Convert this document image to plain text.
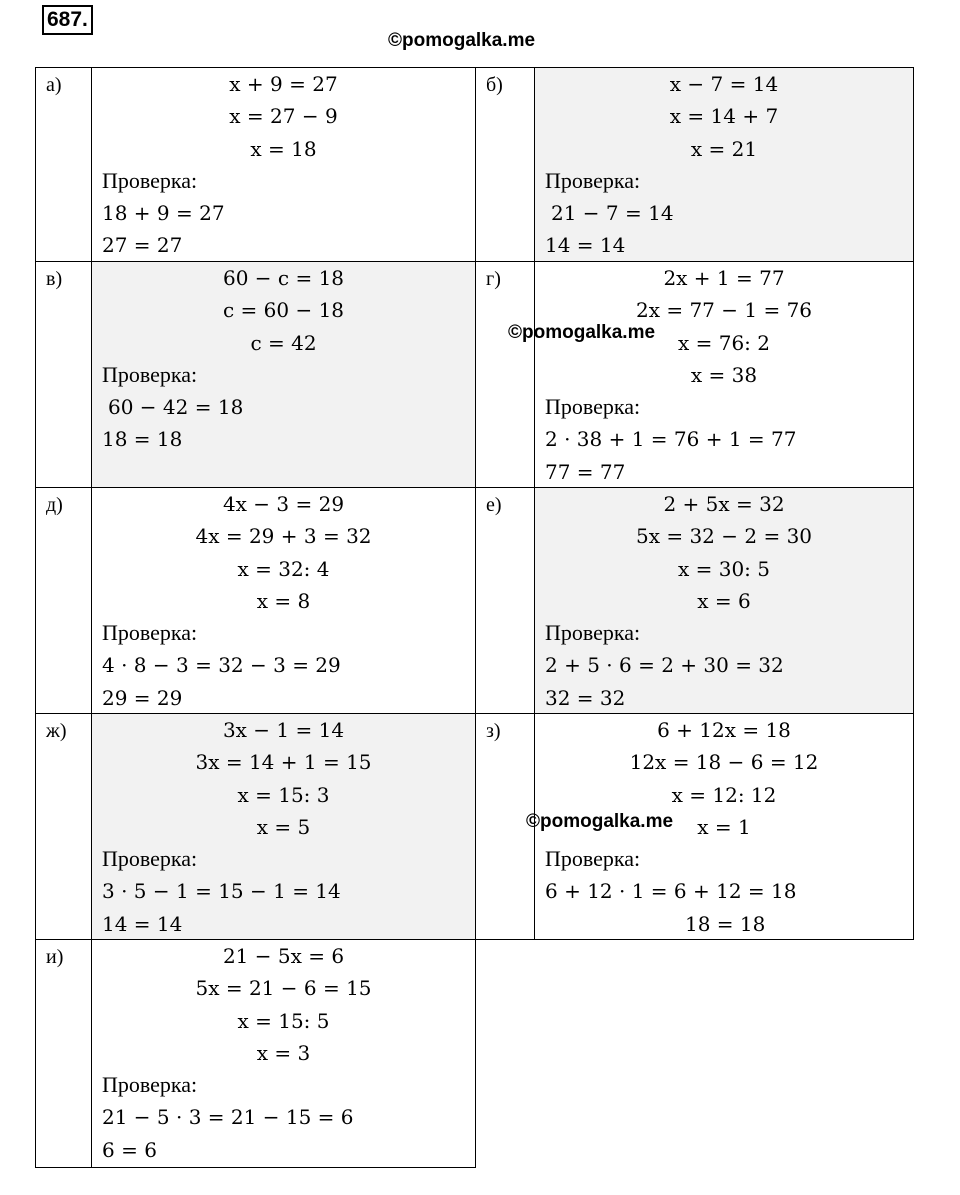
687.
©pomogalka.me
а)	x + 9 = 27
x = 27 − 9
x = 18
Проверка:
18 + 9 = 27
27 = 27
б)	x − 7 = 14
x = 14 + 7
x = 21
Проверка:
21 − 7 = 14
14 = 14
в)	60 − c = 18
c = 60 − 18
c = 42
Проверка:
60 − 42 = 18
18 = 18
г)	2x + 1 = 77
2x = 77 − 1 = 76
x = 76: 2
x = 38
Проверка:
2 · 38 + 1 = 76 + 1 = 77
77 = 77
д)	4x − 3 = 29
4x = 29 + 3 = 32
x = 32: 4
x = 8
Проверка:
4 · 8 − 3 = 32 − 3 = 29
29 = 29
е)	2 + 5x = 32
5x = 32 − 2 = 30
x = 30: 5
x = 6
Проверка:
2 + 5 · 6 = 2 + 30 = 32
32 = 32
ж)	3x − 1 = 14
3x = 14 + 1 = 15
x = 15: 3
x = 5
Проверка:
3 · 5 − 1 = 15 − 1 = 14
14 = 14
з)	6 + 12x = 18
12x = 18 − 6 = 12
x = 12: 12
x = 1
Проверка:
6 + 12 · 1 = 6 + 12 = 18
18 = 18
и)	21 − 5x = 6
5x = 21 − 6 = 15
x = 15: 5
x = 3
Проверка:
21 − 5 · 3 = 21 − 15 = 6
6 = 6
©pomogalka.me
©pomogalka.me
